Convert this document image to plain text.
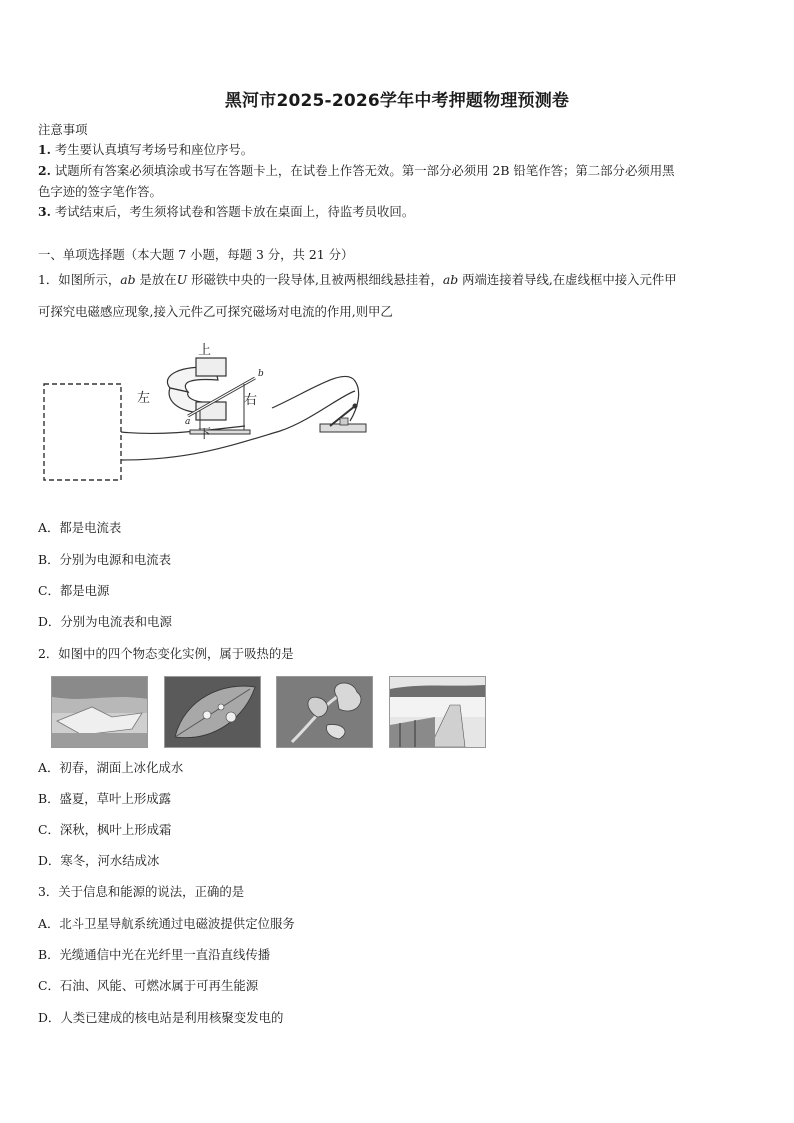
黑河市2025-2026学年中考押题物理预测卷
注意事项
1. 考生要认真填写考场号和座位序号。
2. 试题所有答案必须填涂或书写在答题卡上，在试卷上作答无效。第一部分必须用 2B 铅笔作答；第二部分必须用黑
色字迹的签字笔作答。
3. 考试结束后，考生须将试卷和答题卡放在桌面上，待监考员收回。
一、单项选择题（本大题 7 小题，每题 3 分，共 21 分）
1．如图所示，ab 是放在U 形磁铁中央的一段导体,且被两根细线悬挂着，ab 两端连接着导线,在虚线框中接入元件甲
可探究电磁感应现象,接入元件乙可探究磁场对电流的作用,则甲乙
上
下
左	右
a
b
A．都是电流表
B．分别为电源和电流表
C．都是电源
D．分别为电流表和电源
2．如图中的四个物态变化实例，属于吸热的是
A．初春，湖面上冰化成水
B．盛夏，草叶上形成露
C．深秋，枫叶上形成霜
D．寒冬，河水结成冰
3．关于信息和能源的说法，正确的是
A．北斗卫星导航系统通过电磁波提供定位服务
B．光缆通信中光在光纤里一直沿直线传播
C．石油、风能、可燃冰属于可再生能源
D．人类已建成的核电站是利用核聚变发电的
